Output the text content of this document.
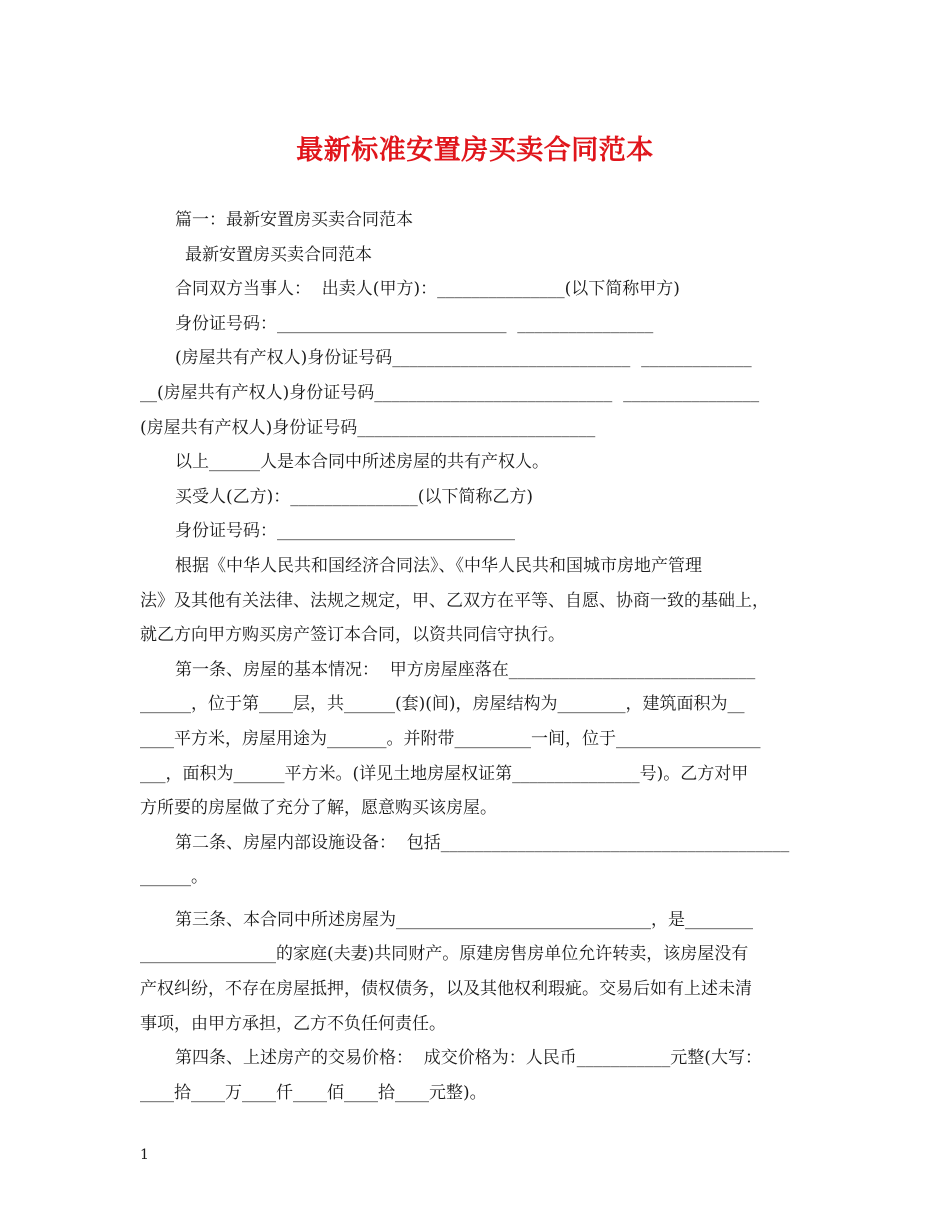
最新标准安置房买卖合同范本
篇一：最新安置房买卖合同范本
最新安置房买卖合同范本
合同双方当事人：  出卖人(甲方)：_______________(以下简称甲方)
身份证号码：___________________________  ________________
(房屋共有产权人)身份证号码____________________________  _____________
__(房屋共有产权人)身份证号码____________________________  ________________
(房屋共有产权人)身份证号码____________________________
以上______人是本合同中所述房屋的共有产权人。
买受人(乙方)：_______________(以下简称乙方)
身份证号码：____________________________
根据《中华人民共和国经济合同法》、《中华人民共和国城市房地产管理
法》及其他有关法律、法规之规定，甲、乙双方在平等、自愿、协商一致的基础上，
就乙方向甲方购买房产签订本合同，以资共同信守执行。
第一条、房屋的基本情况：  甲方房屋座落在_____________________________
______，位于第____层，共______(套)(间)，房屋结构为________，建筑面积为__
____平方米，房屋用途为_______。并附带_________一间，位于_________________
___，面积为______平方米。(详见土地房屋权证第_______________号)。乙方对甲
方所要的房屋做了充分了解，愿意购买该房屋。
第二条、房屋内部设施设备：  包括_________________________________________
______。
第三条、本合同中所述房屋为______________________________，是________
________________的家庭(夫妻)共同财产。原建房售房单位允许转卖，该房屋没有
产权纠纷，不存在房屋抵押，债权债务，以及其他权利瑕疵。交易后如有上述未清
事项，由甲方承担，乙方不负任何责任。
第四条、上述房产的交易价格：  成交价格为：人民币___________元整(大写：
____拾____万____仟____佰____拾____元整)。
1
